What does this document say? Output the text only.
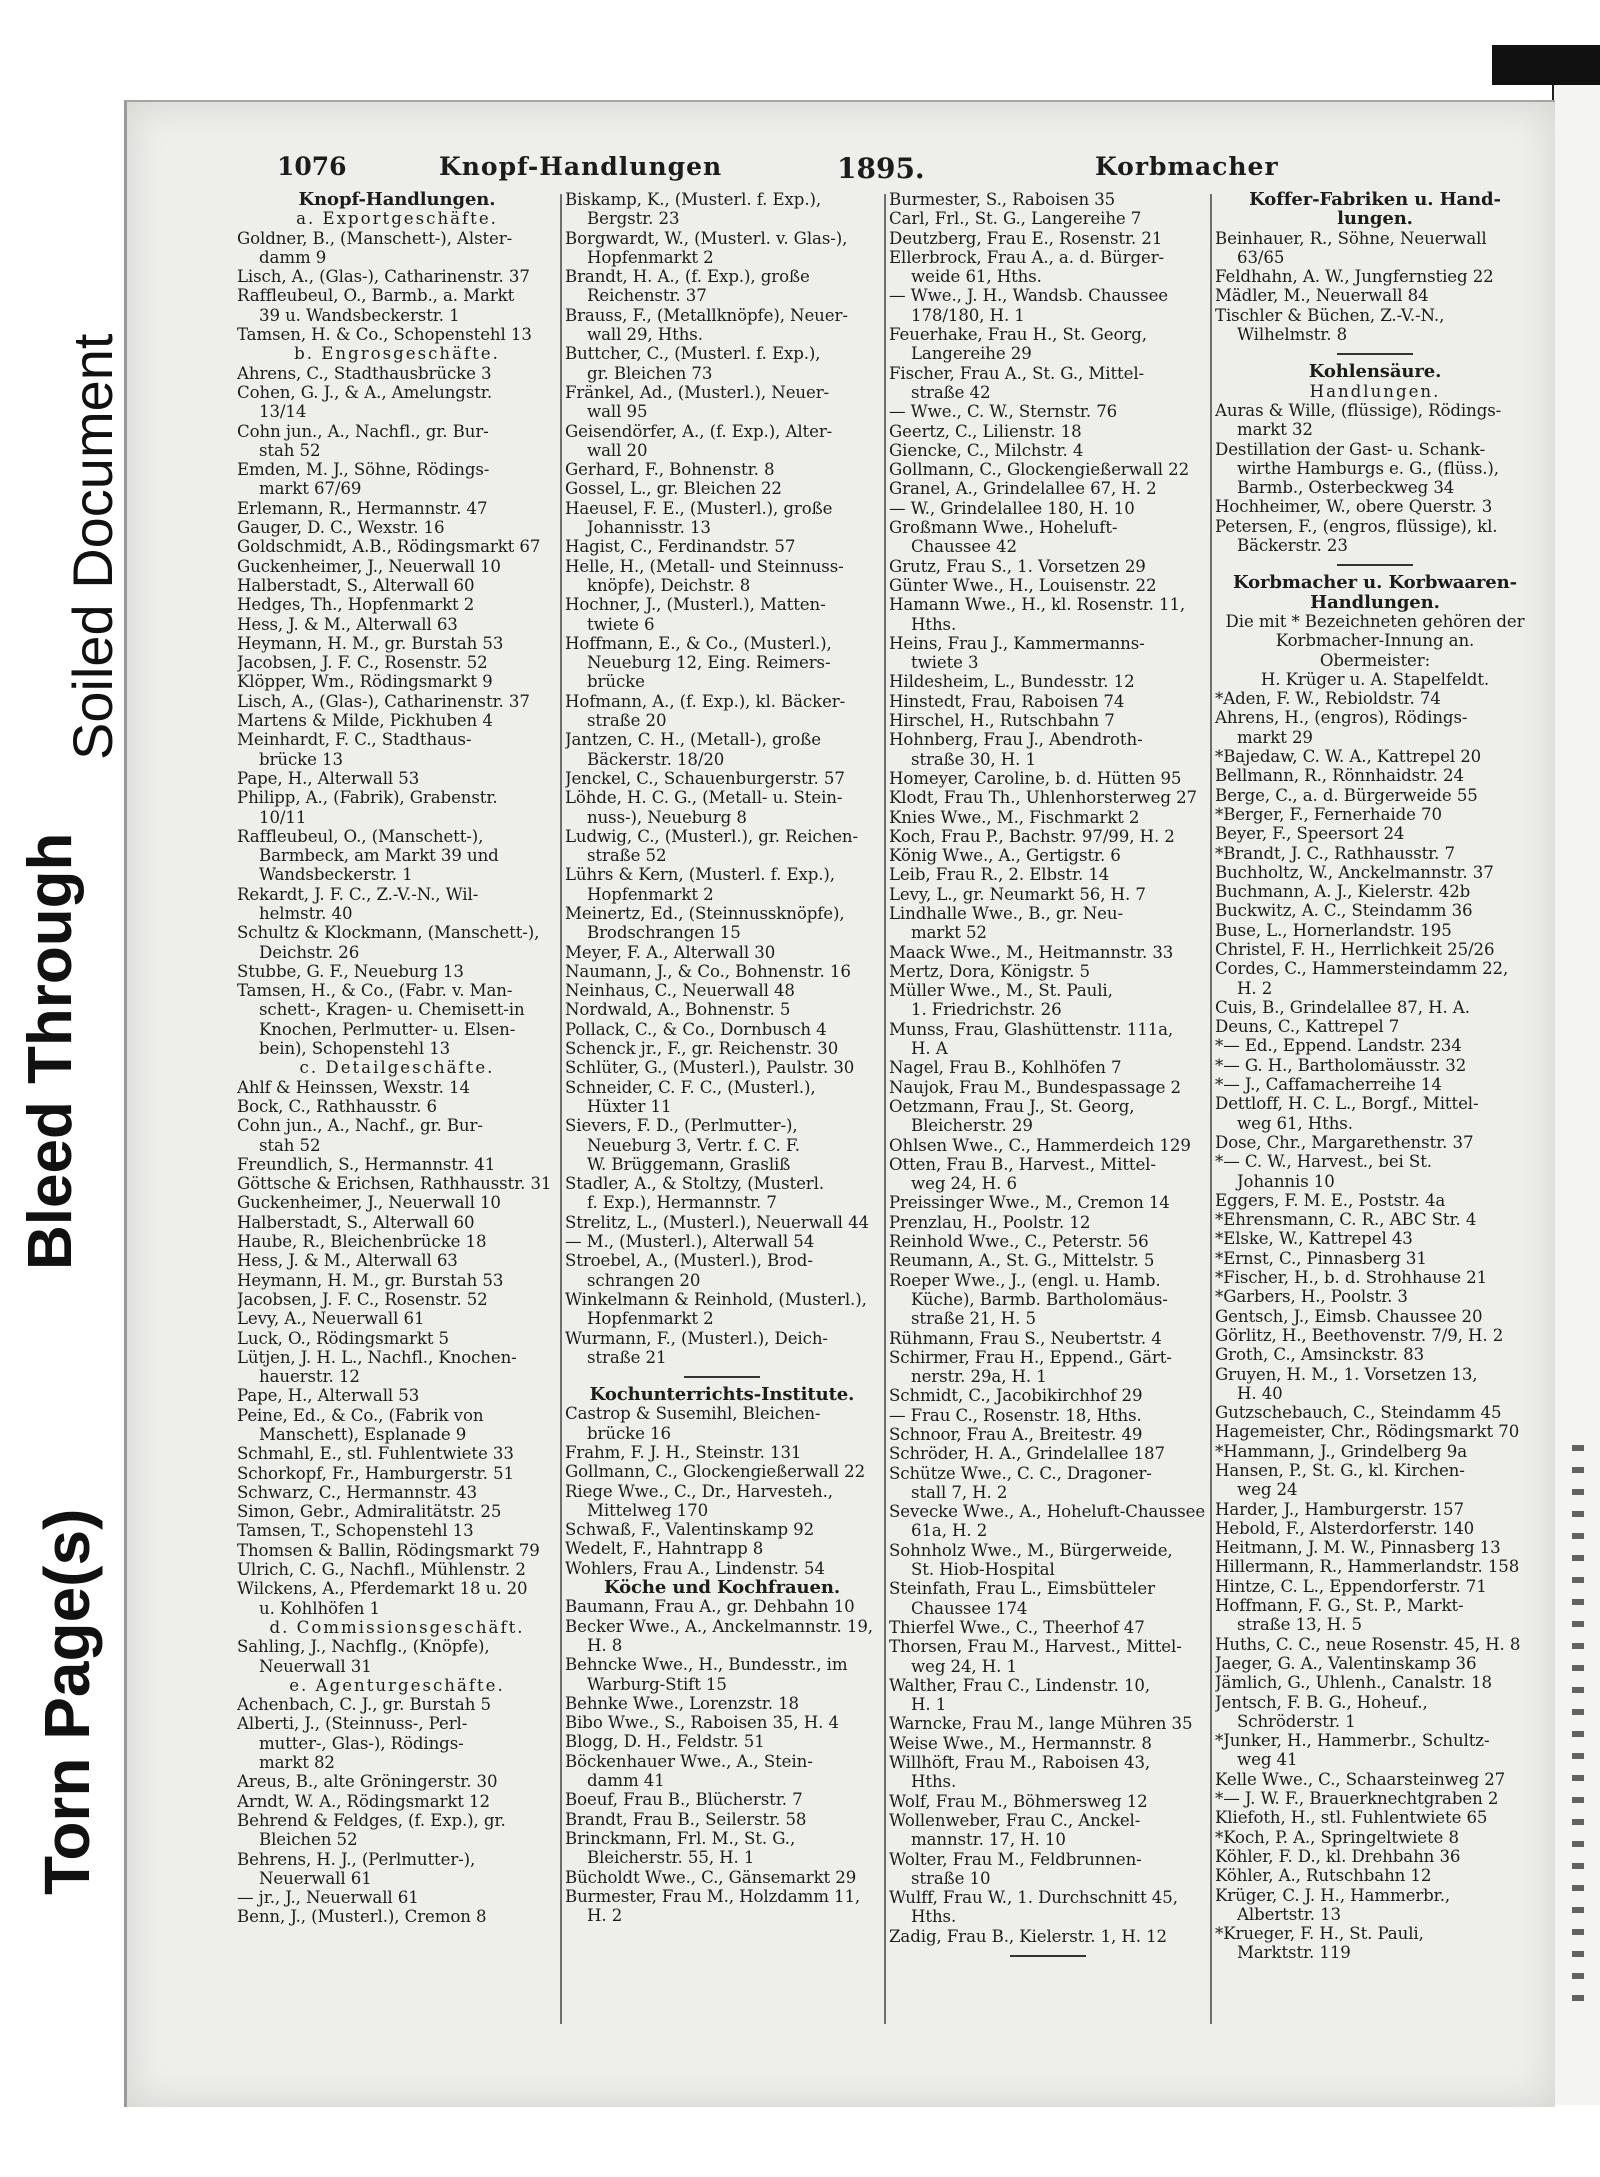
Torn Page(s)
Bleed Through
Soiled Document
1076	Knopf-Handlungen	1895.	Korbmacher
Knopf-Handlungen.
a. Exportgeschäfte.
Goldner, B., (Manschett-), Alster-
damm 9
Lisch, A., (Glas-), Catharinenstr. 37
Raffleubeul, O., Barmb., a. Markt
39 u. Wandsbeckerstr. 1
Tamsen, H. & Co., Schopenstehl 13
b. Engrosgeschäfte.
Ahrens, C., Stadthausbrücke 3
Cohen, G. J., & A., Amelungstr.
13/14
Cohn jun., A., Nachfl., gr. Bur-
stah 52
Emden, M. J., Söhne, Rödings-
markt 67/69
Erlemann, R., Hermannstr. 47
Gauger, D. C., Wexstr. 16
Goldschmidt, A.B., Rödingsmarkt 67
Guckenheimer, J., Neuerwall 10
Halberstadt, S., Alterwall 60
Hedges, Th., Hopfenmarkt 2
Hess, J. & M., Alterwall 63
Heymann, H. M., gr. Burstah 53
Jacobsen, J. F. C., Rosenstr. 52
Klöpper, Wm., Rödingsmarkt 9
Lisch, A., (Glas-), Catharinenstr. 37
Martens & Milde, Pickhuben 4
Meinhardt, F. C., Stadthaus-
brücke 13
Pape, H., Alterwall 53
Philipp, A., (Fabrik), Grabenstr.
10/11
Raffleubeul, O., (Manschett-),
Barmbeck, am Markt 39 und
Wandsbeckerstr. 1
Rekardt, J. F. C., Z.-V.-N., Wil-
helmstr. 40
Schultz & Klockmann, (Manschett-),
Deichstr. 26
Stubbe, G. F., Neueburg 13
Tamsen, H., & Co., (Fabr. v. Man-
schett-, Kragen- u. Chemisett-in
Knochen, Perlmutter- u. Elsen-
bein), Schopenstehl 13
c. Detailgeschäfte.
Ahlf & Heinssen, Wexstr. 14
Bock, C., Rathhausstr. 6
Cohn jun., A., Nachf., gr. Bur-
stah 52
Freundlich, S., Hermannstr. 41
Göttsche & Erichsen, Rathhausstr. 31
Guckenheimer, J., Neuerwall 10
Halberstadt, S., Alterwall 60
Haube, R., Bleichenbrücke 18
Hess, J. & M., Alterwall 63
Heymann, H. M., gr. Burstah 53
Jacobsen, J. F. C., Rosenstr. 52
Levy, A., Neuerwall 61
Luck, O., Rödingsmarkt 5
Lütjen, J. H. L., Nachfl., Knochen-
hauerstr. 12
Pape, H., Alterwall 53
Peine, Ed., & Co., (Fabrik von
Manschett), Esplanade 9
Schmahl, E., stl. Fuhlentwiete 33
Schorkopf, Fr., Hamburgerstr. 51
Schwarz, C., Hermannstr. 43
Simon, Gebr., Admiralitätstr. 25
Tamsen, T., Schopenstehl 13
Thomsen & Ballin, Rödingsmarkt 79
Ulrich, C. G., Nachfl., Mühlenstr. 2
Wilckens, A., Pferdemarkt 18 u. 20
u. Kohlhöfen 1
d. Commissionsgeschäft.
Sahling, J., Nachflg., (Knöpfe),
Neuerwall 31
e. Agenturgeschäfte.
Achenbach, C. J., gr. Burstah 5
Alberti, J., (Steinnuss-, Perl-
mutter-, Glas-), Rödings-
markt 82
Areus, B., alte Gröningerstr. 30
Arndt, W. A., Rödingsmarkt 12
Behrend & Feldges, (f. Exp.), gr.
Bleichen 52
Behrens, H. J., (Perlmutter-),
Neuerwall 61
— jr., J., Neuerwall 61
Benn, J., (Musterl.), Cremon 8
Biskamp, K., (Musterl. f. Exp.),
Bergstr. 23
Borgwardt, W., (Musterl. v. Glas-),
Hopfenmarkt 2
Brandt, H. A., (f. Exp.), große
Reichenstr. 37
Brauss, F., (Metallknöpfe), Neuer-
wall 29, Hths.
Buttcher, C., (Musterl. f. Exp.),
gr. Bleichen 73
Fränkel, Ad., (Musterl.), Neuer-
wall 95
Geisendörfer, A., (f. Exp.), Alter-
wall 20
Gerhard, F., Bohnenstr. 8
Gossel, L., gr. Bleichen 22
Haeusel, F. E., (Musterl.), große
Johannisstr. 13
Hagist, C., Ferdinandstr. 57
Helle, H., (Metall- und Steinnuss-
knöpfe), Deichstr. 8
Hochner, J., (Musterl.), Matten-
twiete 6
Hoffmann, E., & Co., (Musterl.),
Neueburg 12, Eing. Reimers-
brücke
Hofmann, A., (f. Exp.), kl. Bäcker-
straße 20
Jantzen, C. H., (Metall-), große
Bäckerstr. 18/20
Jenckel, C., Schauenburgerstr. 57
Löhde, H. C. G., (Metall- u. Stein-
nuss-), Neueburg 8
Ludwig, C., (Musterl.), gr. Reichen-
straße 52
Lührs & Kern, (Musterl. f. Exp.),
Hopfenmarkt 2
Meinertz, Ed., (Steinnussknöpfe),
Brodschrangen 15
Meyer, F. A., Alterwall 30
Naumann, J., & Co., Bohnenstr. 16
Neinhaus, C., Neuerwall 48
Nordwald, A., Bohnenstr. 5
Pollack, C., & Co., Dornbusch 4
Schenck jr., F., gr. Reichenstr. 30
Schlüter, G., (Musterl.), Paulstr. 30
Schneider, C. F. C., (Musterl.),
Hüxter 11
Sievers, F. D., (Perlmutter-),
Neueburg 3, Vertr. f. C. F.
W. Brüggemann, Grasliß
Stadler, A., & Stoltzy, (Musterl.
f. Exp.), Hermannstr. 7
Strelitz, L., (Musterl.), Neuerwall 44
— M., (Musterl.), Alterwall 54
Stroebel, A., (Musterl.), Brod-
schrangen 20
Winkelmann & Reinhold, (Musterl.),
Hopfenmarkt 2
Wurmann, F., (Musterl.), Deich-
straße 21
Kochunterrichts-Institute.
Castrop & Susemihl, Bleichen-
brücke 16
Frahm, F. J. H., Steinstr. 131
Gollmann, C., Glockengießerwall 22
Riege Wwe., C., Dr., Harvesteh.,
Mittelweg 170
Schwaß, F., Valentinskamp 92
Wedelt, F., Hahntrapp 8
Wohlers, Frau A., Lindenstr. 54
Köche und Kochfrauen.
Baumann, Frau A., gr. Dehbahn 10
Becker Wwe., A., Anckelmannstr. 19,
H. 8
Behncke Wwe., H., Bundesstr., im
Warburg-Stift 15
Behnke Wwe., Lorenzstr. 18
Bibo Wwe., S., Raboisen 35, H. 4
Blogg, D. H., Feldstr. 51
Böckenhauer Wwe., A., Stein-
damm 41
Boeuf, Frau B., Blücherstr. 7
Brandt, Frau B., Seilerstr. 58
Brinckmann, Frl. M., St. G.,
Bleicherstr. 55, H. 1
Bücholdt Wwe., C., Gänsemarkt 29
Burmester, Frau M., Holzdamm 11,
H. 2
Burmester, S., Raboisen 35
Carl, Frl., St. G., Langereihe 7
Deutzberg, Frau E., Rosenstr. 21
Ellerbrock, Frau A., a. d. Bürger-
weide 61, Hths.
— Wwe., J. H., Wandsb. Chaussee
178/180, H. 1
Feuerhake, Frau H., St. Georg,
Langereihe 29
Fischer, Frau A., St. G., Mittel-
straße 42
— Wwe., C. W., Sternstr. 76
Geertz, C., Lilienstr. 18
Giencke, C., Milchstr. 4
Gollmann, C., Glockengießerwall 22
Granel, A., Grindelallee 67, H. 2
— W., Grindelallee 180, H. 10
Großmann Wwe., Hoheluft-
Chaussee 42
Grutz, Frau S., 1. Vorsetzen 29
Günter Wwe., H., Louisenstr. 22
Hamann Wwe., H., kl. Rosenstr. 11,
Hths.
Heins, Frau J., Kammermanns-
twiete 3
Hildesheim, L., Bundesstr. 12
Hinstedt, Frau, Raboisen 74
Hirschel, H., Rutschbahn 7
Hohnberg, Frau J., Abendroth-
straße 30, H. 1
Homeyer, Caroline, b. d. Hütten 95
Klodt, Frau Th., Uhlenhorsterweg 27
Knies Wwe., M., Fischmarkt 2
Koch, Frau P., Bachstr. 97/99, H. 2
König Wwe., A., Gertigstr. 6
Leib, Frau R., 2. Elbstr. 14
Levy, L., gr. Neumarkt 56, H. 7
Lindhalle Wwe., B., gr. Neu-
markt 52
Maack Wwe., M., Heitmannstr. 33
Mertz, Dora, Königstr. 5
Müller Wwe., M., St. Pauli,
1. Friedrichstr. 26
Munss, Frau, Glashüttenstr. 111a,
H. A
Nagel, Frau B., Kohlhöfen 7
Naujok, Frau M., Bundespassage 2
Oetzmann, Frau J., St. Georg,
Bleicherstr. 29
Ohlsen Wwe., C., Hammerdeich 129
Otten, Frau B., Harvest., Mittel-
weg 24, H. 6
Preissinger Wwe., M., Cremon 14
Prenzlau, H., Poolstr. 12
Reinhold Wwe., C., Peterstr. 56
Reumann, A., St. G., Mittelstr. 5
Roeper Wwe., J., (engl. u. Hamb.
Küche), Barmb. Bartholomäus-
straße 21, H. 5
Rühmann, Frau S., Neubertstr. 4
Schirmer, Frau H., Eppend., Gärt-
nerstr. 29a, H. 1
Schmidt, C., Jacobikirchhof 29
— Frau C., Rosenstr. 18, Hths.
Schnoor, Frau A., Breitestr. 49
Schröder, H. A., Grindelallee 187
Schütze Wwe., C. C., Dragoner-
stall 7, H. 2
Sevecke Wwe., A., Hoheluft-Chaussee
61a, H. 2
Sohnholz Wwe., M., Bürgerweide,
St. Hiob-Hospital
Steinfath, Frau L., Eimsbütteler
Chaussee 174
Thierfel Wwe., C., Theerhof 47
Thorsen, Frau M., Harvest., Mittel-
weg 24, H. 1
Walther, Frau C., Lindenstr. 10,
H. 1
Warncke, Frau M., lange Mühren 35
Weise Wwe., M., Hermannstr. 8
Willhöft, Frau M., Raboisen 43,
Hths.
Wolf, Frau M., Böhmersweg 12
Wollenweber, Frau C., Anckel-
mannstr. 17, H. 10
Wolter, Frau M., Feldbrunnen-
straße 10
Wulff, Frau W., 1. Durchschnitt 45,
Hths.
Zadig, Frau B., Kielerstr. 1, H. 12
Koffer-Fabriken u. Hand-
lungen.
Beinhauer, R., Söhne, Neuerwall
63/65
Feldhahn, A. W., Jungfernstieg 22
Mädler, M., Neuerwall 84
Tischler & Büchen, Z.-V.-N.,
Wilhelmstr. 8
Kohlensäure.
Handlungen.
Auras & Wille, (flüssige), Rödings-
markt 32
Destillation der Gast- u. Schank-
wirthe Hamburgs e. G., (flüss.),
Barmb., Osterbeckweg 34
Hochheimer, W., obere Querstr. 3
Petersen, F., (engros, flüssige), kl.
Bäckerstr. 23
Korbmacher u. Korbwaaren-
Handlungen.
Die mit * Bezeichneten gehören der
Korbmacher-Innung an.
Obermeister:
H. Krüger u. A. Stapelfeldt.
*Aden, F. W., Rebioldstr. 74
Ahrens, H., (engros), Rödings-
markt 29
*Bajedaw, C. W. A., Kattrepel 20
Bellmann, R., Rönnhaidstr. 24
Berge, C., a. d. Bürgerweide 55
*Berger, F., Fernerhaide 70
Beyer, F., Speersort 24
*Brandt, J. C., Rathhausstr. 7
Buchholtz, W., Anckelmannstr. 37
Buchmann, A. J., Kielerstr. 42b
Buckwitz, A. C., Steindamm 36
Buse, L., Hornerlandstr. 195
Christel, F. H., Herrlichkeit 25/26
Cordes, C., Hammersteindamm 22,
H. 2
Cuis, B., Grindelallee 87, H. A.
Deuns, C., Kattrepel 7
*— Ed., Eppend. Landstr. 234
*— G. H., Bartholomäusstr. 32
*— J., Caffamacherreihe 14
Dettloff, H. C. L., Borgf., Mittel-
weg 61, Hths.
Dose, Chr., Margarethenstr. 37
*— C. W., Harvest., bei St.
Johannis 10
Eggers, F. M. E., Poststr. 4a
*Ehrensmann, C. R., ABC Str. 4
*Elske, W., Kattrepel 43
*Ernst, C., Pinnasberg 31
*Fischer, H., b. d. Strohhause 21
*Garbers, H., Poolstr. 3
Gentsch, J., Eimsb. Chaussee 20
Görlitz, H., Beethovenstr. 7/9, H. 2
Groth, C., Amsinckstr. 83
Gruyen, H. M., 1. Vorsetzen 13,
H. 40
Gutzschebauch, C., Steindamm 45
Hagemeister, Chr., Rödingsmarkt 70
*Hammann, J., Grindelberg 9a
Hansen, P., St. G., kl. Kirchen-
weg 24
Harder, J., Hamburgerstr. 157
Hebold, F., Alsterdorferstr. 140
Heitmann, J. M. W., Pinnasberg 13
Hillermann, R., Hammerlandstr. 158
Hintze, C. L., Eppendorferstr. 71
Hoffmann, F. G., St. P., Markt-
straße 13, H. 5
Huths, C. C., neue Rosenstr. 45, H. 8
Jaeger, G. A., Valentinskamp 36
Jämlich, G., Uhlenh., Canalstr. 18
Jentsch, F. B. G., Hoheuf.,
Schröderstr. 1
*Junker, H., Hammerbr., Schultz-
weg 41
Kelle Wwe., C., Schaarsteinweg 27
*— J. W. F., Brauerknechtgraben 2
Kliefoth, H., stl. Fuhlentwiete 65
*Koch, P. A., Springeltwiete 8
Köhler, F. D., kl. Drehbahn 36
Köhler, A., Rutschbahn 12
Krüger, C. J. H., Hammerbr.,
Albertstr. 13
*Krueger, F. H., St. Pauli,
Marktstr. 119
